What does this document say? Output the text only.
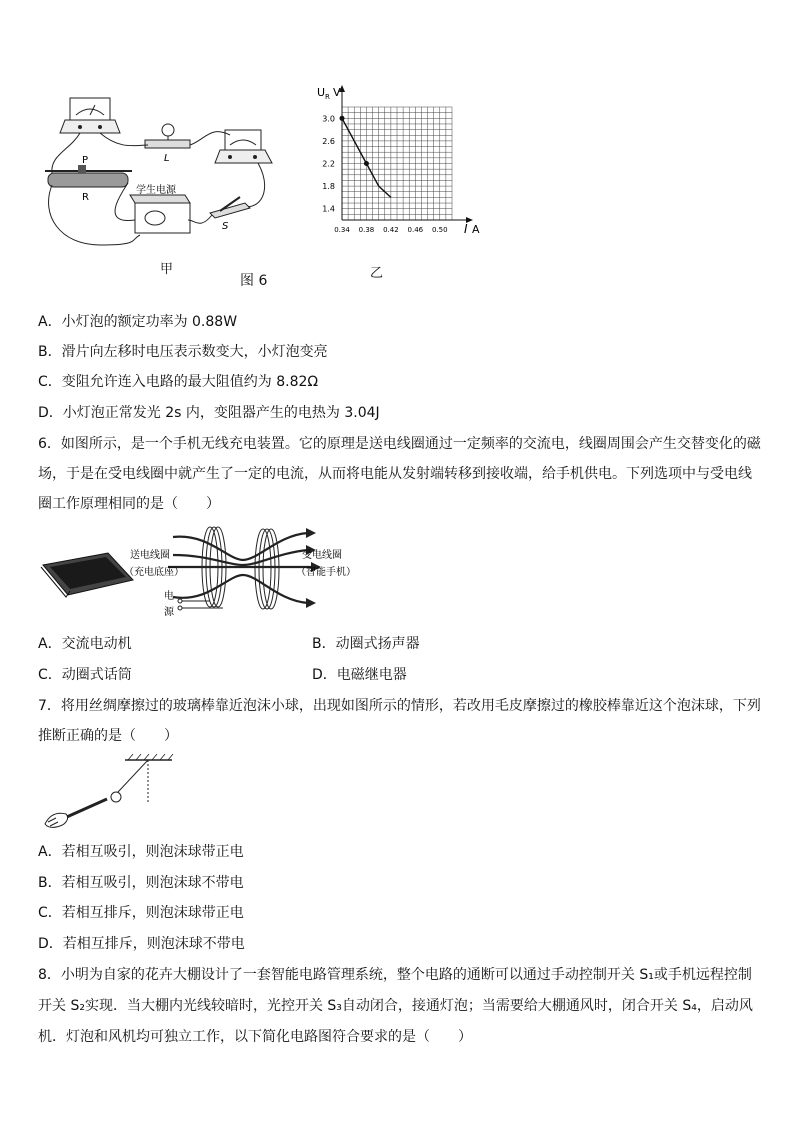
P
R
L
S
学生电源
甲
图 6	乙
3.0
2.6
2.2
1.8
1.4
0.34 0.38 0.42 0.46 0.50
U R V
I A
A．小灯泡的额定功率为 0.88W
B．滑片向左移时电压表示数变大，小灯泡变亮
C．变阻允许连入电路的最大阻值约为 8.82Ω
D．小灯泡正常发光 2s 内，变阻器产生的电热为 3.04J
6．如图所示，是一个手机无线充电装置。它的原理是送电线圈通过一定频率的交流电，线圈周围会产生交替变化的磁
场，于是在受电线圈中就产生了一定的电流，从而将电能从发射端转移到接收端，给手机供电。下列选项中与受电线
圈工作原理相同的是（　　）
送电线圈
（充电底座）
受电线圈
（智能手机）
电
源
A．交流电动机	B．动圈式扬声器
C．动圈式话筒	D．电磁继电器
7．将用丝绸摩擦过的玻璃棒靠近泡沫小球，出现如图所示的情形，若改用毛皮摩擦过的橡胶棒靠近这个泡沫球，下列
推断正确的是（　　）
A．若相互吸引，则泡沫球带正电
B．若相互吸引，则泡沫球不带电
C．若相互排斥，则泡沫球带正电
D．若相互排斥，则泡沫球不带电
8．小明为自家的花卉大棚设计了一套智能电路管理系统，整个电路的通断可以通过手动控制开关 S₁或手机远程控制
开关 S₂实现．当大棚内光线较暗时，光控开关 S₃自动闭合，接通灯泡；当需要给大棚通风时，闭合开关 S₄，启动风
机．灯泡和风机均可独立工作，以下简化电路图符合要求的是（　　）
